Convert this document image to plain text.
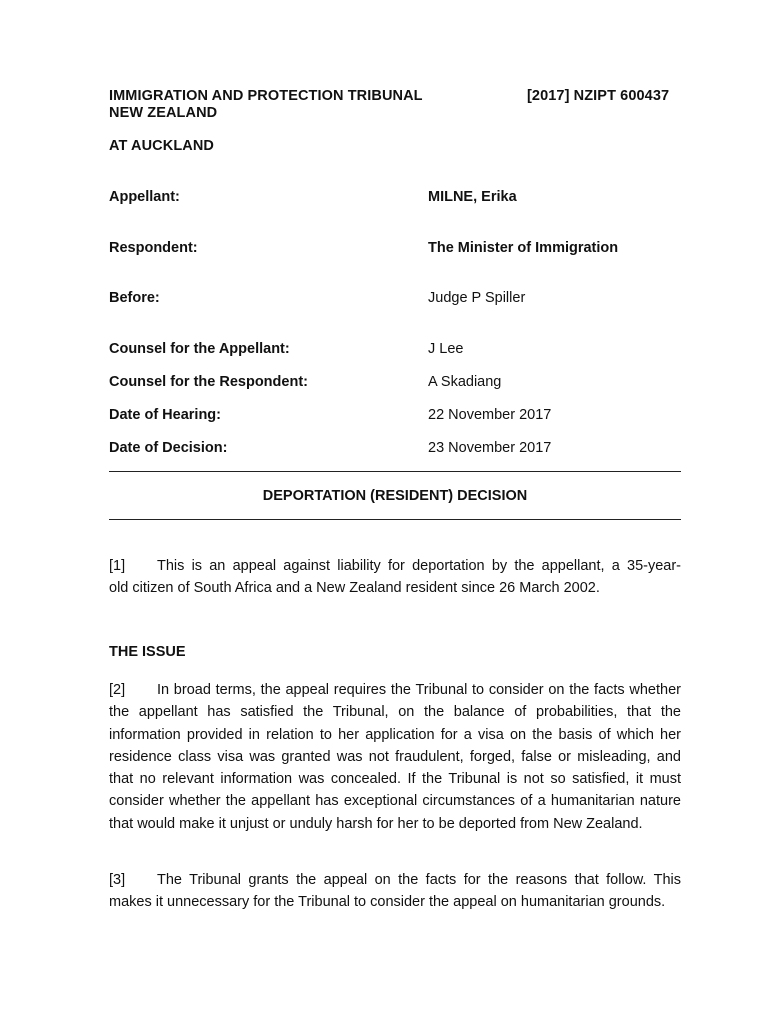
IMMIGRATION AND PROTECTION TRIBUNAL
NEW ZEALAND
[2017] NZIPT 600437
AT AUCKLAND
Appellant:	MILNE, Erika
Respondent:	The Minister of Immigration
Before:	Judge P Spiller
Counsel for the Appellant:	J Lee
Counsel for the Respondent:	A Skadiang
Date of Hearing:	22 November 2017
Date of Decision:	23 November 2017
DEPORTATION (RESIDENT) DECISION
[1] This is an appeal against liability for deportation by the appellant, a 35-year-
old citizen of South Africa and a New Zealand resident since 26 March 2002.
THE ISSUE
[2] In broad terms, the appeal requires the Tribunal to consider on the facts whether the appellant has satisfied the Tribunal, on the balance of probabilities, that the information provided in relation to her application for a visa on the basis of which her residence class visa was granted was not fraudulent, forged, false or misleading, and that no relevant information was concealed. If the Tribunal is not so satisfied, it must consider whether the appellant has exceptional circumstances of a humanitarian nature that would make it unjust or unduly harsh for her to be deported from New Zealand.
[3] The Tribunal grants the appeal on the facts for the reasons that follow. This makes it unnecessary for the Tribunal to consider the appeal on humanitarian grounds.
